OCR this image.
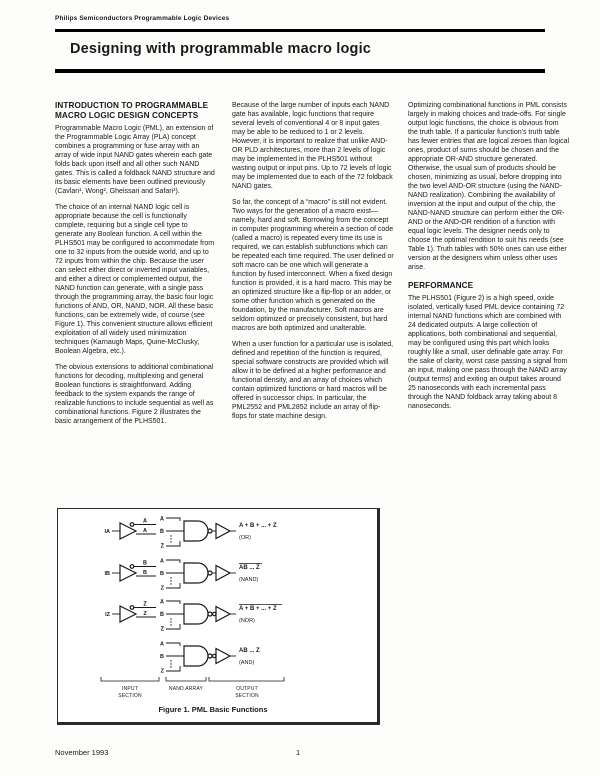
Philips Semiconductors Programmable Logic Devices
Designing with programmable macro logic
INTRODUCTION TO PROGRAMMABLE MACRO LOGIC DESIGN CONCEPTS

Programmable Macro Logic (PML), an extension of the Programmable Logic Array (PLA) concept combines a programming or fuse array with an array of wide input NAND gates wherein each gate folds back upon itself and all other such NAND gates. This is called a foldback NAND structure and its basic elements have been outlined previously (Cavlan¹, Wong², Gheissari and Safari³).

The choice of an internal NAND logic cell is appropriate because the cell is functionally complete, requiring but a single cell type to generate any Boolean function. A cell within the PLHS501 may be configured to accommodate from one to 32 inputs from the outside world, and up to 72 inputs from within the chip. Because the user can select either direct or inverted input variables, and either a direct or complemented output, the NAND function can generate, with a single pass through the programming array, the basic four logic functions of AND, OR, NAND, NOR. All these basic functions, can be extremely wide, of course (see Figure 1). This convenient structure allows efficient exploitation of all widely used minimization techniques (Karnaugh Maps, Quine-McClusky, Boolean Algebra, etc.).

The obvious extensions to additional combinational functions for decoding, multiplexing and general Boolean functions is straightforward. Adding feedback to the system expands the range of realizable functions to include sequential as well as combinational functions. Figure 2 illustrates the basic arrangement of the PLHS501.

Because of the large number of inputs each NAND gate has available, logic functions that require several levels of conventional 4 or 8 input gates may be able to be reduced to 1 or 2 levels. However, it is important to realize that unlike AND-OR PLD architectures, more than 2 levels of logic may be implemented in the PLHS501 without wasting output or input pins. Up to 72 levels of logic may be implemented due to each of the 72 foldback NAND gates.

So far, the concept of a “macro” is still not evident. Two ways for the generation of a macro exist—namely, hard and soft. Borrowing from the concept in computer programming wherein a section of code (called a macro) is repeated every time its use is required, we can establish subfunctions which can be repeated each time required. The user defined or soft macro can be one which will generate a function by fused interconnect. When a fixed design function is provided, it is a hard macro. This may be an optimized structure like a flip-flop or an adder, or some other function which is generated on the foundation, by the manufacturer. Soft macros are seldom optimized or precisely consistent, but hard macros are both optimized and unalterable.

When a user function for a particular use is isolated, defined and repetition of the function is required, special software constructs are provided which will allow it to be defined at a higher performance and functional density, and an array of choices which contain optimized functions or hard macros will be offered in successor chips. In particular, the PML2552 and PML2852 include an array of flip-flops for state machine design.

Optimizing combinational functions in PML consists largely in making choices and trade-offs. For single output logic functions, the choice is obvious from the truth table. If a particular function's truth table has fewer entries that are logical zeroes than logical ones, product of sums should be chosen and the appropriate OR-AND structure generated. Otherwise, the usual sum of products should be chosen, minimizing as usual, before dropping into the two level AND-OR structure (using the NAND-NAND realization). Combining the availability of inversion at the input and output of the chip, the NAND-NAND structure can perform either the OR-AND or the AND-OR rendition of a function with equal logic levels. The designer needs only to choose the optimal rendition to suit his needs (see Table 1). Truth tables with 50% ones can use either version at the designers whim unless other uses arise.

PERFORMANCE

The PLHS501 (Figure 2) is a high speed, oxide isolated, vertically fused PML device containing 72 internal NAND functions which are combined with 24 dedicated outputs. A large collection of applications, both combinational and sequential, may be configured using this part which looks roughly like a small, user definable gate array. For the sake of clarity, worst case passing a signal from an input, making one pass through the NAND array (output terms) and exiting an output takes around 25 nanoseconds with each incremental pass through the NAND foldback array taking about 8 nanoseconds.

IA
A̅
A
A̅
B̅
Z̅
A + B + ... + Z
(OR)
IB
B̅
B
A
B
Z
AB ... Z
(NAND)
IZ
Z̅
Z
A̅
B̅
Z̅
A + B + ... + Z
(NOR)
A
B
Z
AB ... Z
(AND)
INPUT
SECTION
NAND ARRAY	OUTPUT
SECTION
Figure 1. PML Basic Functions
November 1993	1
